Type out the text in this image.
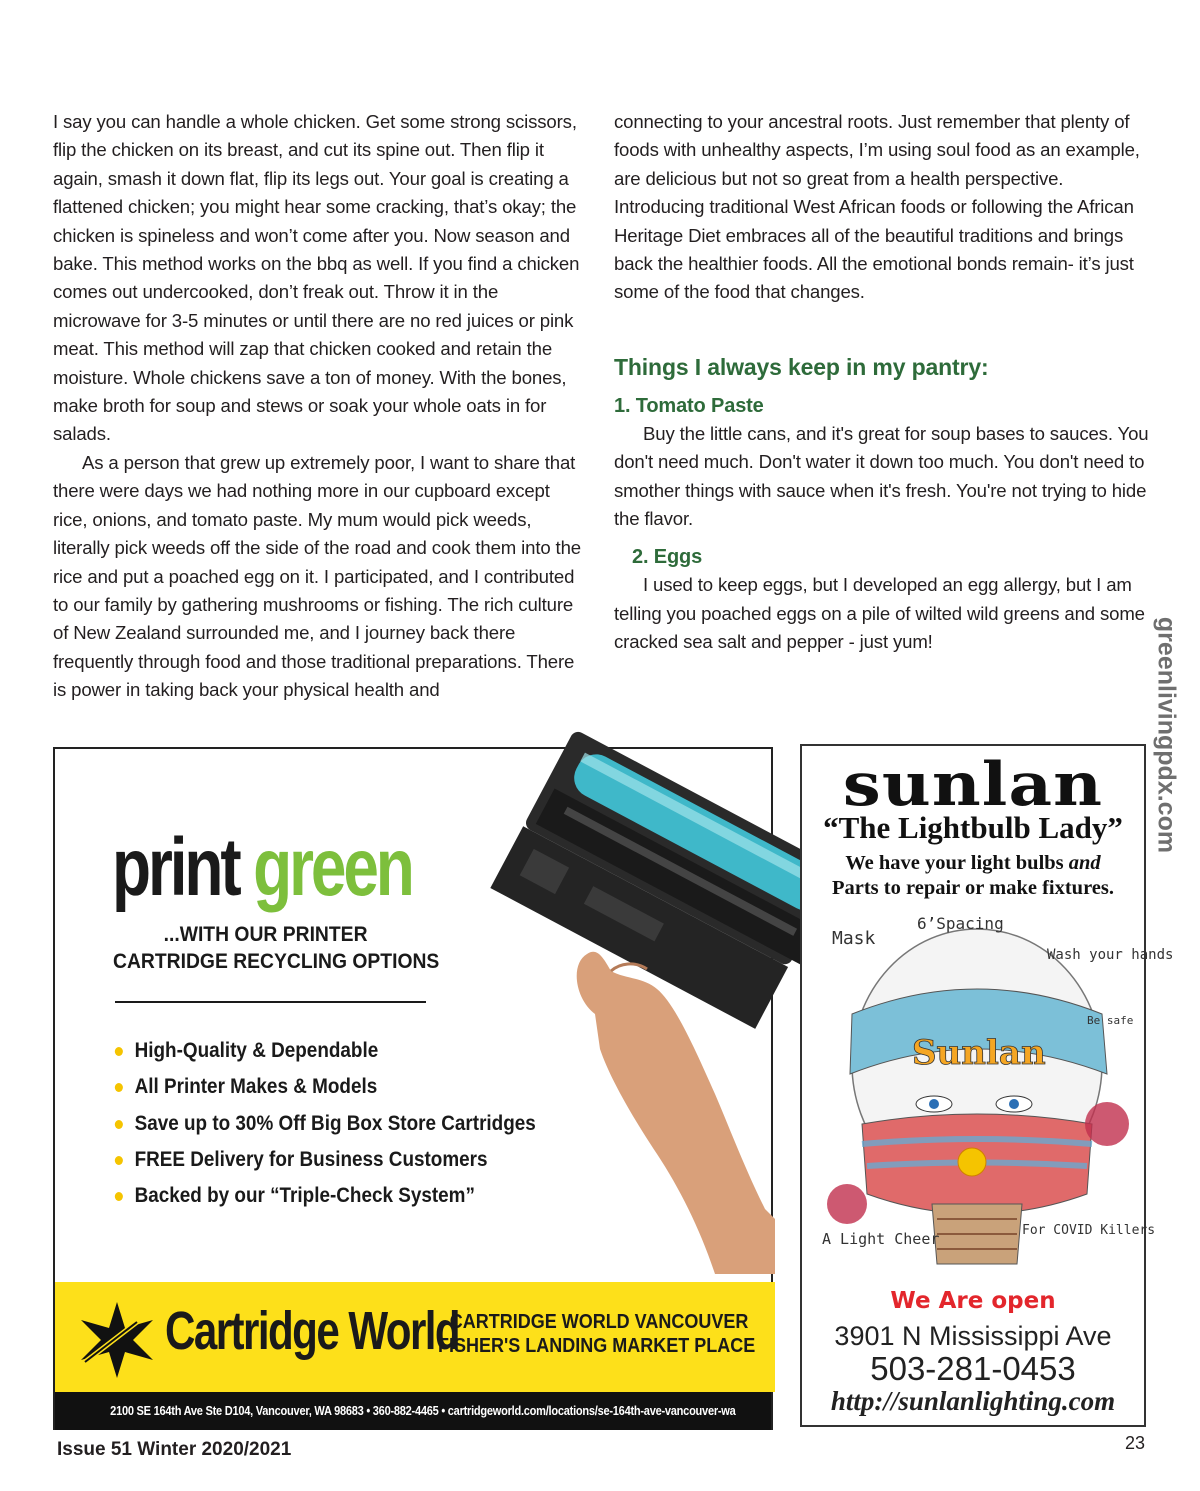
I say you can handle a whole chicken. Get some strong scissors, flip the chicken on its breast, and cut its spine out. Then flip it again, smash it down flat, flip its legs out. Your goal is creating a flattened chicken; you might hear some cracking, that’s okay; the chicken is spineless and won’t come after you. Now season and bake. This method works on the bbq as well. If you find a chicken comes out undercooked, don’t freak out. Throw it in the microwave for 3-5 minutes or until there are no red juices or pink meat. This method will zap that chicken cooked and retain the moisture. Whole chickens save a ton of money. With the bones, make broth for soup and stews or soak your whole oats in for salads.

As a person that grew up extremely poor, I want to share that there were days we had nothing more in our cupboard except rice, onions, and tomato paste. My mum would pick weeds, literally pick weeds off the side of the road and cook them into the rice and put a poached egg on it. I participated, and I contributed to our family by gathering mushrooms or fishing. The rich culture of New Zealand surrounded me, and I journey back there frequently through food and those traditional preparations. There is power in taking back your physical health and

connecting to your ancestral roots. Just remember that plenty of foods with unhealthy aspects, I’m using soul food as an example, are delicious but not so great from a health perspective. Introducing traditional West African foods or following the African Heritage Diet embraces all of the beautiful traditions and brings back the healthier foods. All the emotional bonds remain- it’s just some of the food that changes.

Things I always keep in my pantry:
1. Tomato Paste

Buy the little cans, and it's great for soup bases to sauces. You don't need much. Don't water it down too much. You don't need to smother things with sauce when it's fresh. You're not trying to hide the flavor.

2. Eggs

I used to keep eggs, but I developed an egg allergy, but I am telling you poached eggs on a pile of wilted wild greens and some cracked sea salt and pepper - just yum!	greenlivingpdx.com
print green
...WITH OUR PRINTER
CARTRIDGE RECYCLING OPTIONS
High-Quality & Dependable
All Printer Makes & Models
Save up to 30% Off Big Box Store Cartridges
FREE Delivery for Business Customers
Backed by our “Triple-Check System”
Cartridge World
CARTRIDGE WORLD VANCOUVER
FISHER'S LANDING MARKET PLACE
2100 SE 164th Ave Ste D104, Vancouver, WA 98683 • 360-882-4465 • cartridgeworld.com/locations/se-164th-ave-vancouver-wa
sunlan
“The Lightbulb Lady”
We have your light bulbs and
Parts to repair or make fixtures.
Sunlan
Mask
6’Spacing
Wash your hands
Be safe
A Light Cheer	For COVID Killers
We Are open
3901 N Mississippi Ave
503-281-0453
http://sunlanlighting.com
Issue 51 Winter 2020/2021	23
